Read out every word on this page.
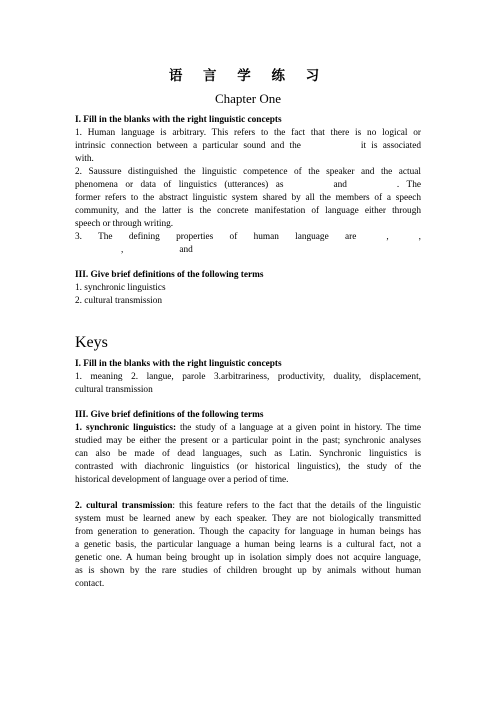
语 言 学 练 习
Chapter One
I. Fill in the blanks with the right linguistic concepts
1. Human language is arbitrary. This refers to the fact that there is no logical or
intrinsic connection between a particular sound and the	it is associated
with.
2. Saussure distinguished the linguistic competence of the speaker and the actual
phenomena or data of linguistics (utterances) as	and	. The
former refers to the abstract linguistic system shared by all the members of a speech
community, and the latter is the concrete manifestation of language either through
speech or through writing.
3. The defining properties of human language are	,	,
,	and
III. Give brief definitions of the following terms
1. synchronic linguistics
2. cultural transmission
Keys
I. Fill in the blanks with the right linguistic concepts
1. meaning 2. langue, parole 3.arbitrariness, productivity, duality, displacement,
cultural transmission
III. Give brief definitions of the following terms
1. synchronic linguistics: the study of a language at a given point in history. The time
studied may be either the present or a particular point in the past; synchronic analyses
can also be made of dead languages, such as Latin. Synchronic linguistics is
contrasted with diachronic linguistics (or historical linguistics), the study of the
historical development of language over a period of time.
2. cultural transmission: this feature refers to the fact that the details of the linguistic
system must be learned anew by each speaker. They are not biologically transmitted
from generation to generation. Though the capacity for language in human beings has
a genetic basis, the particular language a human being learns is a cultural fact, not a
genetic one. A human being brought up in isolation simply does not acquire language,
as is shown by the rare studies of children brought up by animals without human
contact.
